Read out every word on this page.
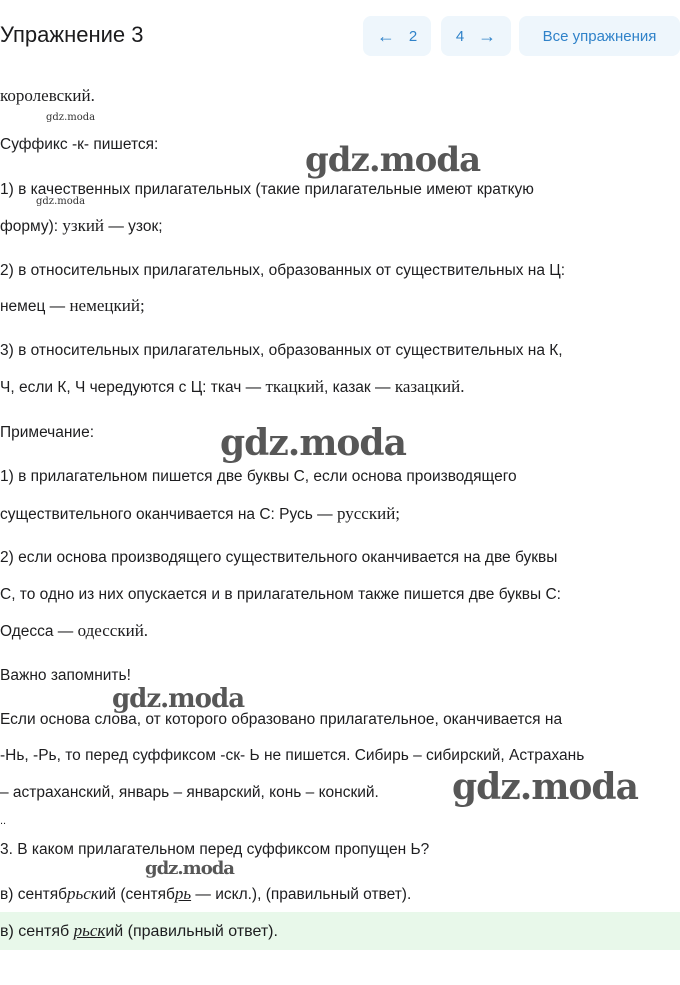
Упражнение 3	← 2	4 →	Все упражнения
королевский.
gdz.moda
Суффикс -к- пишется:	gdz.moda
1) в качественных прилагательных (такие прилагательные имеют краткую
gdz.moda
форму): узкий — узок;
2) в относительных прилагательных, образованных от существительных на Ц:
немец — немецкий;
3) в относительных прилагательных, образованных от существительных на К,
Ч, если К, Ч чередуются с Ц: ткач — ткацкий, казак — казацкий.
Примечание:	gdz.moda
1) в прилагательном пишется две буквы С, если основа производящего
существительного оканчивается на С: Русь — русский;
2) если основа производящего существительного оканчивается на две буквы
С, то одно из них опускается и в прилагательном также пишется две буквы С:
Одесса — одесский.
Важно запомнить!
gdz.moda
Если основа слова, от которого образовано прилагательное, оканчивается на
-Нь, -Рь, то перед суффиксом -ск- Ь не пишется. Сибирь – сибирский, Астрахань
– астраханский, январь – январский, конь – конский. gdz.moda
..
3. В каком прилагательном перед суффиксом пропущен Ь?
gdz.moda
в) сентябрьский (сентябрь — искл.), (правильный ответ).
в) сентяб рьский (правильный ответ).
